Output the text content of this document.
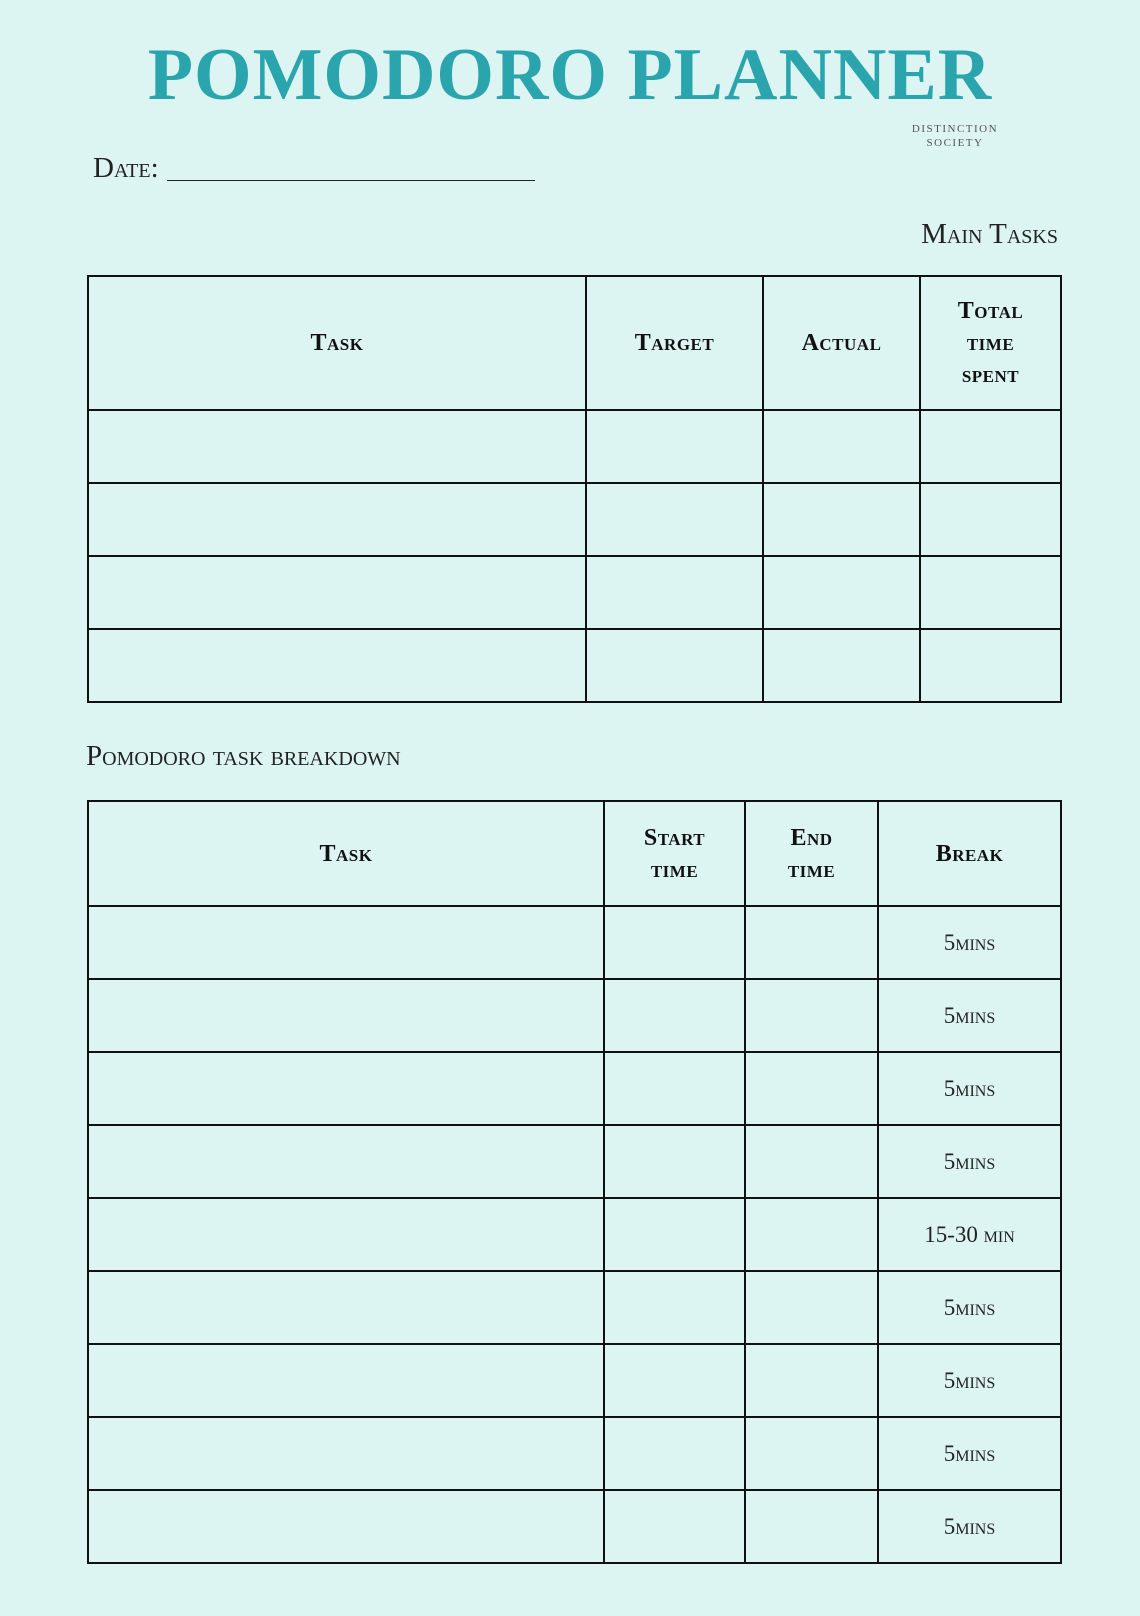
POMODORO PLANNER
DISTINCTION
SOCIETY
Date:
Main Tasks
Task	Target	Actual	Total time spent

Pomodoro task breakdown
Task	Start time	End time	Break
			5mins
			5mins
			5mins
			5mins
			15-30 min
			5mins
			5mins
			5mins
			5mins
